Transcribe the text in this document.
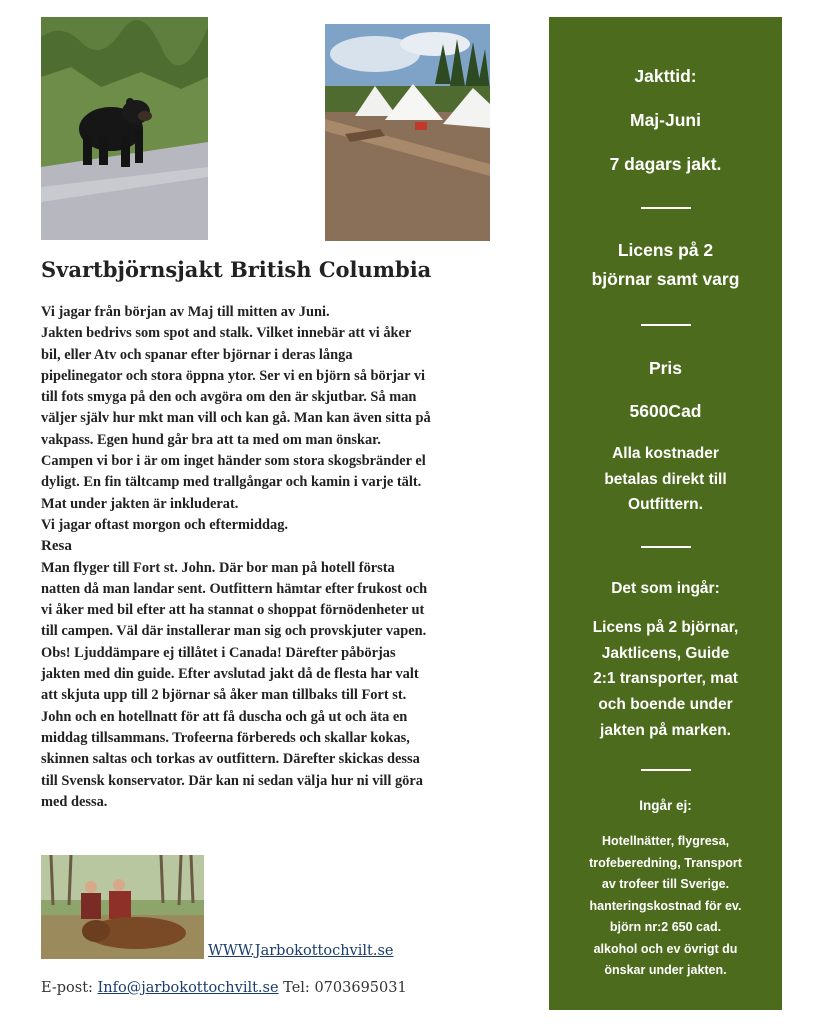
Svartbjörnsjakt British Columbia

Vi jagar från början av Maj till mitten av Juni.

Jakten bedrivs som spot and stalk. Vilket innebär att vi åker

bil, eller Atv och spanar efter björnar i deras långa

pipelinegator och stora öppna ytor. Ser vi en björn så börjar vi

till fots smyga på den och avgöra om den är skjutbar. Så man

väljer själv hur mkt man vill och kan gå. Man kan även sitta på

vakpass. Egen hund går bra att ta med om man önskar.

Campen vi bor i är om inget händer som stora skogsbränder el

dyligt. En fin tältcamp med trallgångar och kamin i varje tält.

Mat under jakten är inkluderat.

Vi jagar oftast morgon och eftermiddag.

Resa

Man flyger till Fort st. John. Där bor man på hotell första

natten då man landar sent. Outfittern hämtar efter frukost och

vi åker med bil efter att ha stannat o shoppat förnödenheter ut

till campen. Väl där installerar man sig och provskjuter vapen.

Obs! Ljuddämpare ej tillåtet i Canada! Därefter påbörjas

jakten med din guide. Efter avslutad jakt då de flesta har valt

att skjuta upp till 2 björnar så åker man tillbaks till Fort st.

John och en hotellnatt för att få duscha och gå ut och äta en

middag tillsammans. Trofeerna förbereds och skallar kokas,

skinnen saltas och torkas av outfittern. Därefter skickas dessa

till Svensk konservator. Där kan ni sedan välja hur ni vill göra

med dessa.

WWW.Jarbokottochvilt.se
E-post: Info@jarbokottochvilt.se Tel: 0703695031

Jakttid:

Maj-Juni

7 dagars jakt.

Licens på 2

björnar samt varg

Pris

5600Cad

Alla kostnader

betalas direkt till

Outfittern.

Det som ingår:

Licens på 2 björnar,

Jaktlicens, Guide

2:1 transporter, mat

och boende under

jakten på marken.

Ingår ej:

Hotellnätter, flygresa,

trofeberedning, Transport

av trofeer till Sverige.

hanteringskostnad för ev.

björn nr:2 650 cad.

alkohol och ev övrigt du

önskar under jakten.
